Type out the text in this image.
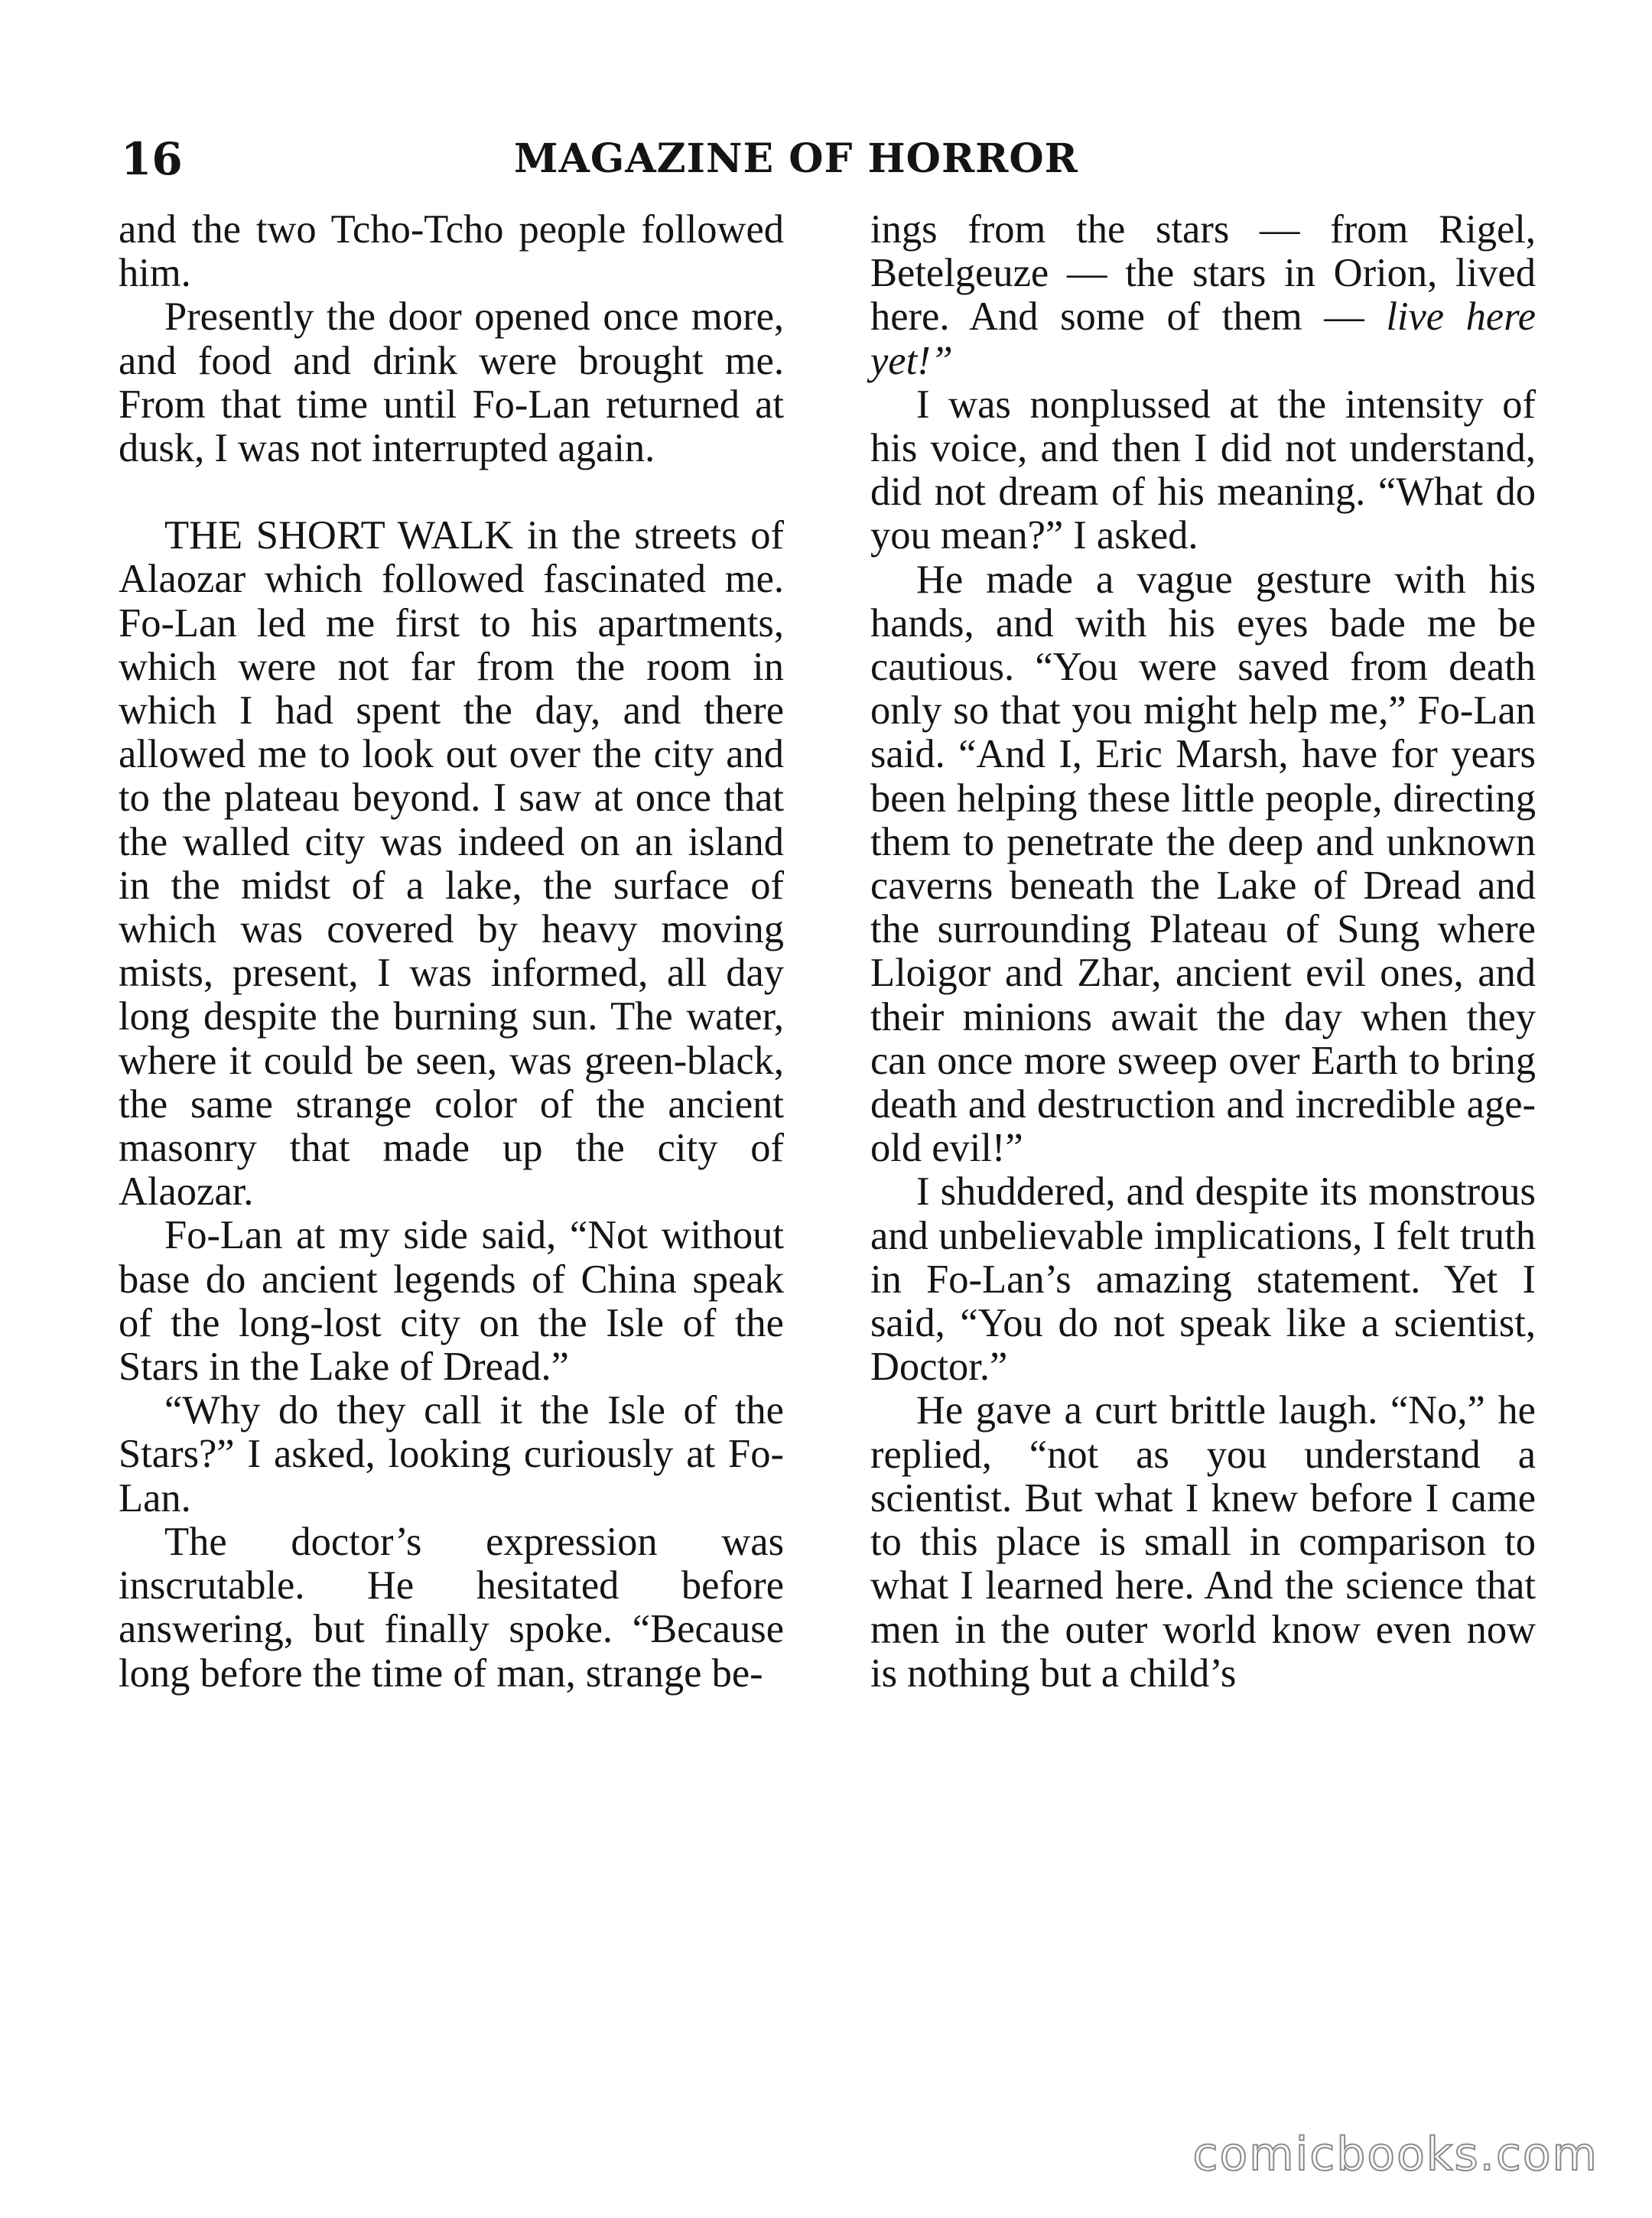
16	MAGAZINE OF HORROR

and the two Tcho-Tcho people followed him.

Presently the door opened once more, and food and drink were brought me. From that time until Fo-Lan returned at dusk, I was not interrupted again.

THE SHORT WALK in the streets of Alaozar which followed fascinated me. Fo-Lan led me first to his apartments, which were not far from the room in which I had spent the day, and there allowed me to look out over the city and to the plateau beyond. I saw at once that the walled city was indeed on an island in the midst of a lake, the surface of which was covered by heavy moving mists, present, I was informed, all day long despite the burning sun. The water, where it could be seen, was green-black, the same strange color of the ancient masonry that made up the city of Alaozar.

Fo-Lan at my side said, “Not without base do ancient legends of China speak of the long-lost city on the Isle of the Stars in the Lake of Dread.”

“Why do they call it the Isle of the Stars?” I asked, looking curiously at Fo-Lan.

The doctor’s expression was inscrutable. He hesitated before answering, but finally spoke. “Because long before the time of man, strange be-

ings from the stars — from Rigel, Betelgeuze — the stars in Orion, lived here. And some of them — live here yet!”

I was nonplussed at the intensity of his voice, and then I did not understand, did not dream of his meaning. “What do you mean?” I asked.

He made a vague gesture with his hands, and with his eyes bade me be cautious. “You were saved from death only so that you might help me,” Fo-Lan said. “And I, Eric Marsh, have for years been helping these little people, directing them to penetrate the deep and unknown caverns beneath the Lake of Dread and the surrounding Plateau of Sung where Lloigor and Zhar, ancient evil ones, and their minions await the day when they can once more sweep over Earth to bring death and destruction and incredible age-old evil!”

I shuddered, and despite its monstrous and unbelievable implications, I felt truth in Fo-Lan’s amazing statement. Yet I said, “You do not speak like a scientist, Doctor.”

He gave a curt brittle laugh. “No,” he replied, “not as you understand a scientist. But what I knew before I came to this place is small in comparison to what I learned here. And the science that men in the outer world know even now is nothing but a child’s

comicbooks.com
